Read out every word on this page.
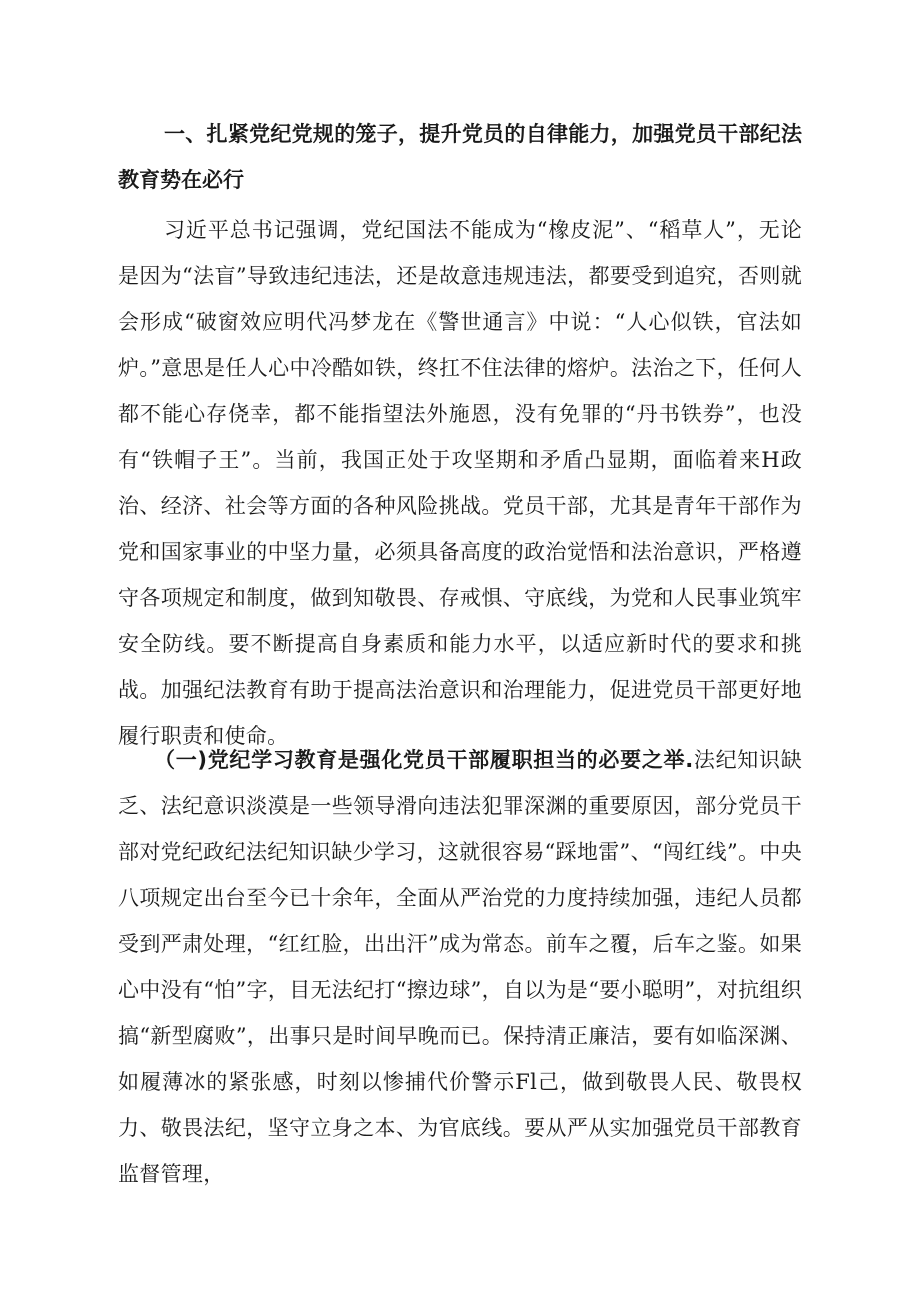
一、扎紧党纪党规的笼子，提升党员的自律能力，加强党员干部纪法教育势在必行

习近平总书记强调，党纪国法不能成为“橡皮泥”、“稻草人”，无论是因为“法盲”导致违纪违法，还是故意违规违法，都要受到追究，否则就会形成“破窗效应明代冯梦龙在《警世通言》中说：“人心似铁，官法如炉。”意思是任人心中冷酷如铁，终扛不住法律的熔炉。法治之下，任何人都不能心存侥幸，都不能指望法外施恩，没有免罪的“丹书铁券”，也没有“铁帽子王”。当前，我国正处于攻坚期和矛盾凸显期，面临着来H政治、经济、社会等方面的各种风险挑战。党员干部，尤其是青年干部作为党和国家事业的中坚力量，必须具备高度的政治觉悟和法治意识，严格遵守各项规定和制度，做到知敬畏、存戒惧、守底线，为党和人民事业筑牢安全防线。要不断提高自身素质和能力水平，以适应新时代的要求和挑战。加强纪法教育有助于提高法治意识和治理能力，促进党员干部更好地履行职责和使命。

（一)党纪学习教育是强化党员干部履职担当的必要之举.法纪知识缺乏、法纪意识淡漠是一些领导滑向违法犯罪深渊的重要原因，部分党员干部对党纪政纪法纪知识缺少学习，这就很容易“踩地雷”、“闯红线”。中央八项规定出台至今已十余年，全面从严治党的力度持续加强，违纪人员都受到严肃处理，“红红脸，出出汗”成为常态。前车之覆，后车之鉴。如果心中没有“怕”字，目无法纪打“擦边球”，自以为是“要小聪明”，对抗组织搞“新型腐败”，出事只是时间早晚而已。保持清正廉洁，要有如临深渊、如履薄冰的紧张感，时刻以惨捕代价警示Fl己，做到敬畏人民、敬畏权力、敬畏法纪，坚守立身之本、为官底线。要从严从实加强党员干部教育监督管理，
